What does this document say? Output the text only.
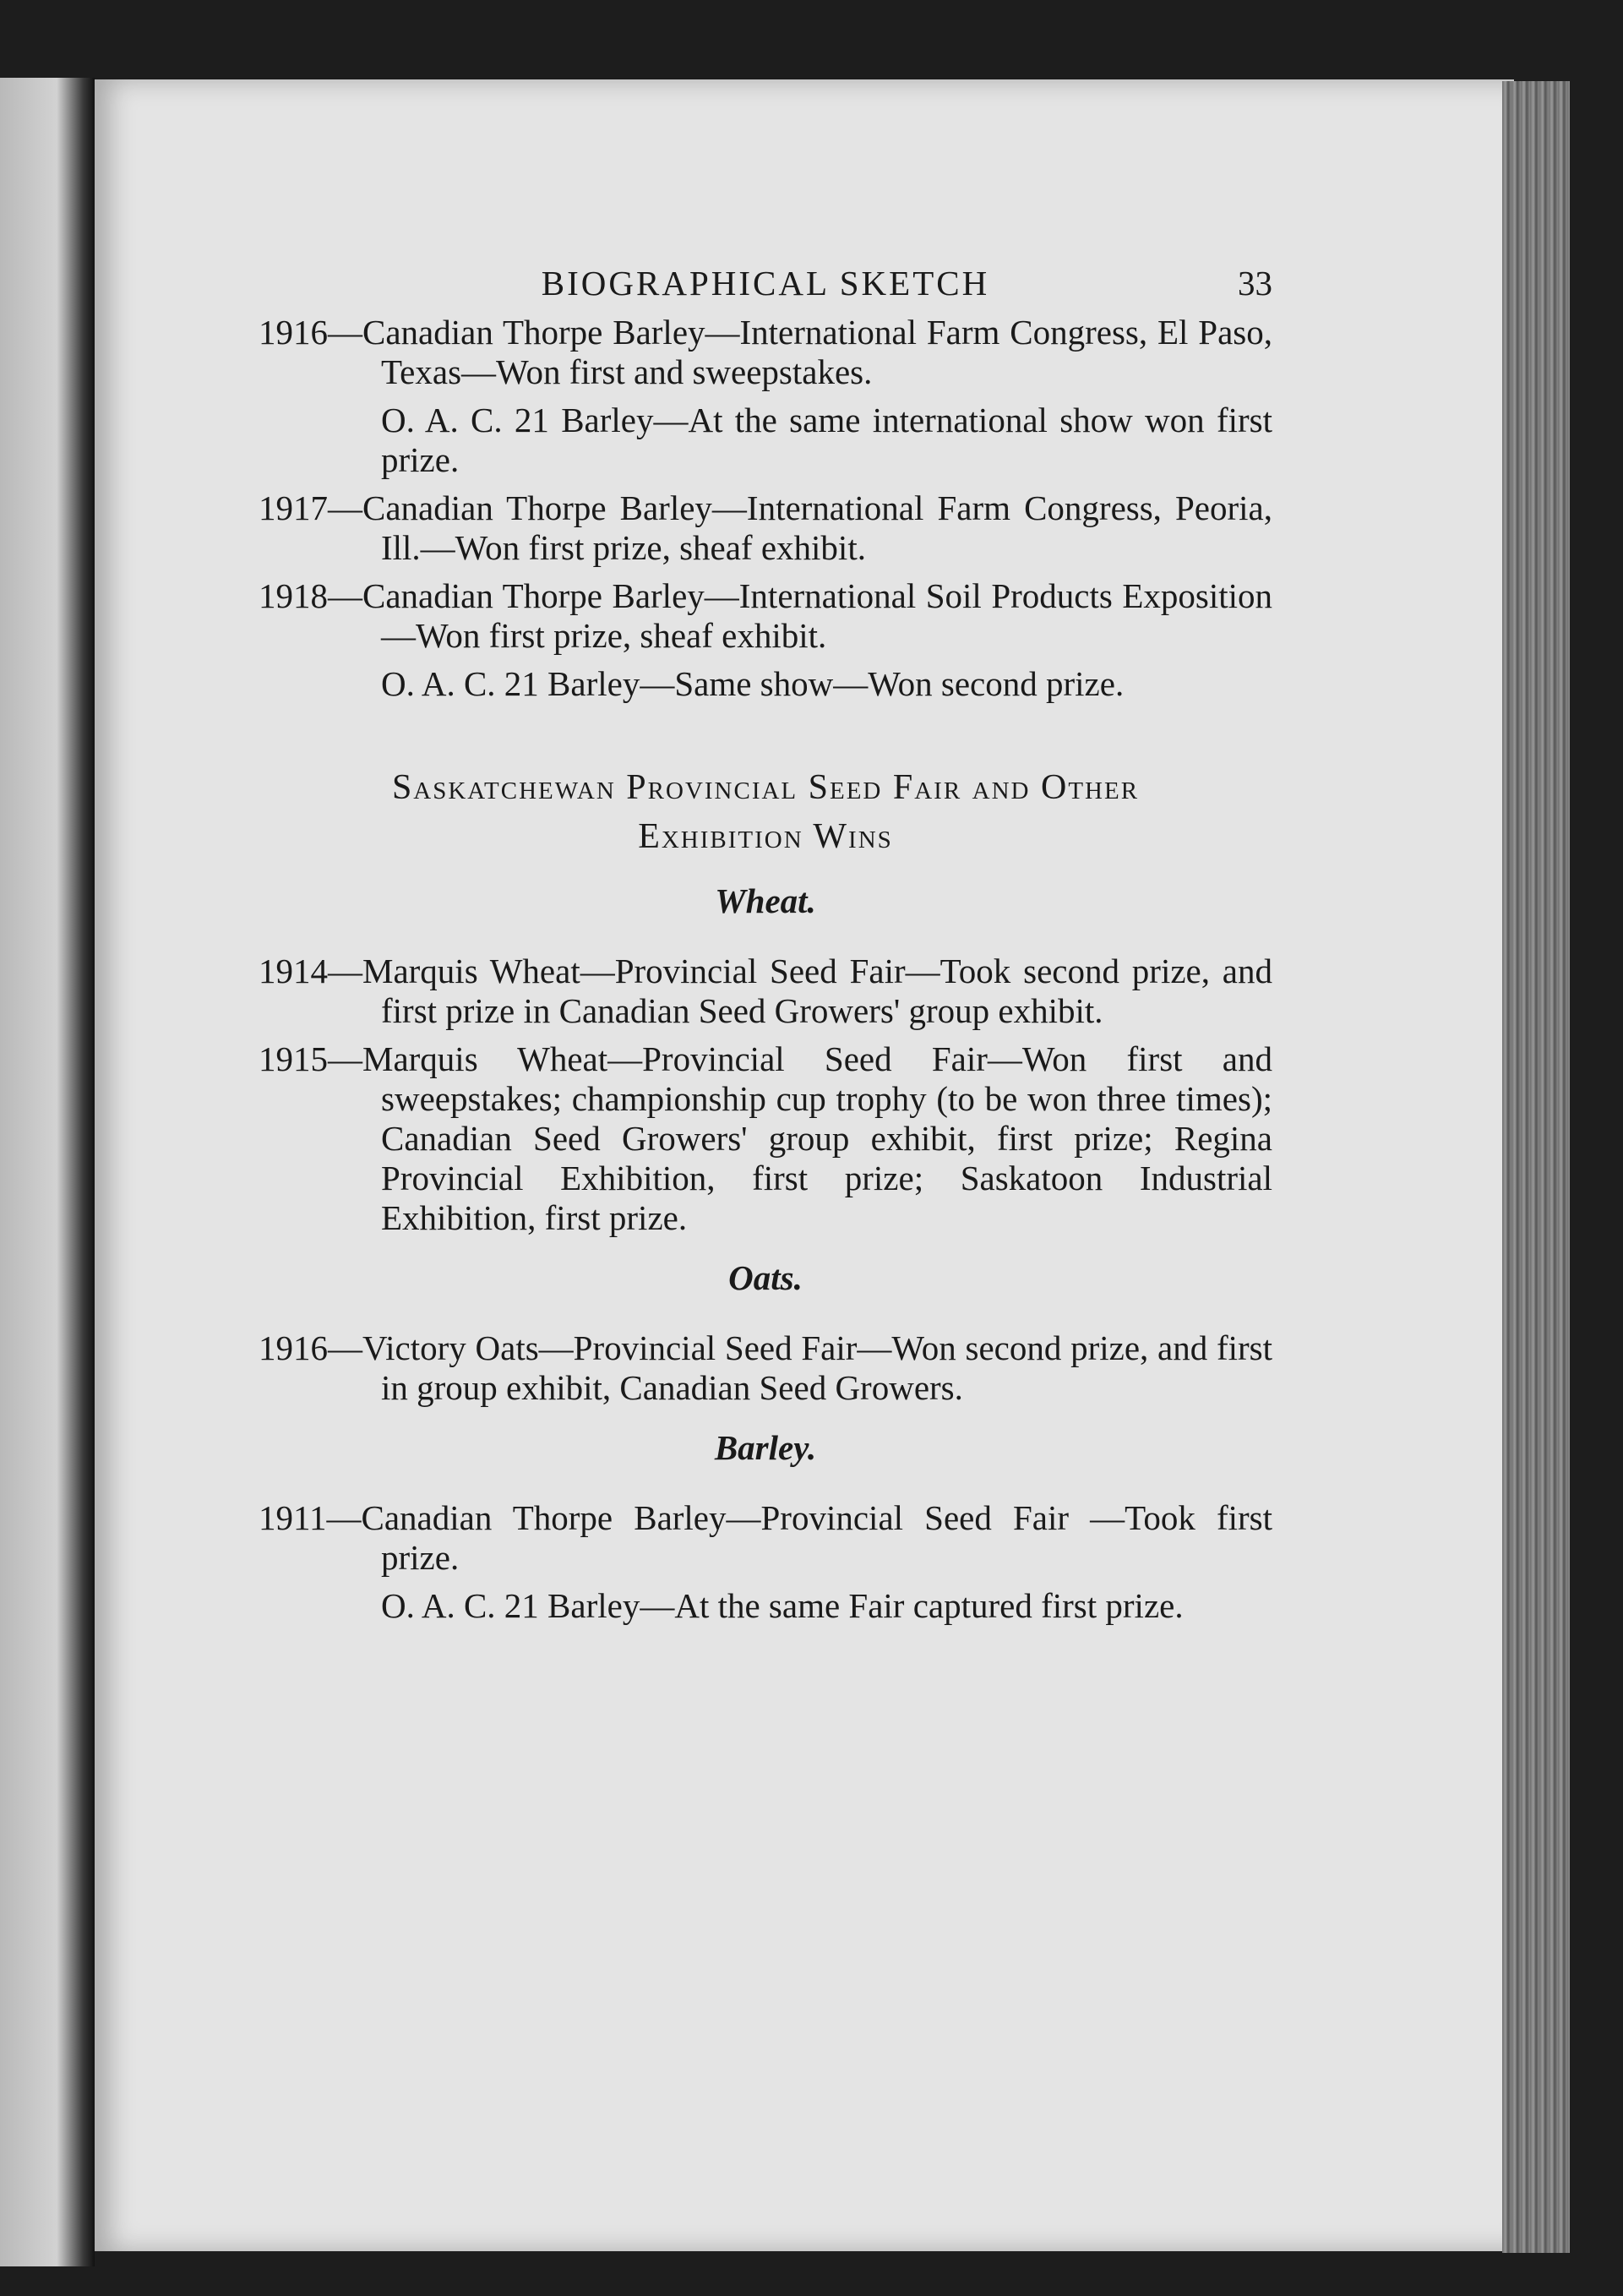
BIOGRAPHICAL SKETCH	33

1916—Canadian Thorpe Barley—International Farm Congress, El Paso, Texas—Won first and sweepstakes.

O. A. C. 21 Barley—At the same international show won first prize.

1917—Canadian Thorpe Barley—International Farm Congress, Peoria, Ill.—Won first prize, sheaf exhibit.

1918—Canadian Thorpe Barley—International Soil Products Exposition—Won first prize, sheaf exhibit.

O. A. C. 21 Barley—Same show—Won second prize.

Saskatchewan Provincial Seed Fair and Other
Exhibition Wins
Wheat.

1914—Marquis Wheat—Provincial Seed Fair—Took second prize, and first prize in Canadian Seed Growers' group exhibit.

1915—Marquis Wheat—Provincial Seed Fair—Won first and sweepstakes; championship cup trophy (to be won three times); Canadian Seed Growers' group exhibit, first prize; Regina Provincial Exhibition, first prize; Saskatoon Industrial Exhibition, first prize.

Oats.

1916—Victory Oats—Provincial Seed Fair—Won second prize, and first in group exhibit, Canadian Seed Growers.

Barley.

1911—Canadian Thorpe Barley—Provincial Seed Fair —Took first prize.

O. A. C. 21 Barley—At the same Fair captured first prize.
